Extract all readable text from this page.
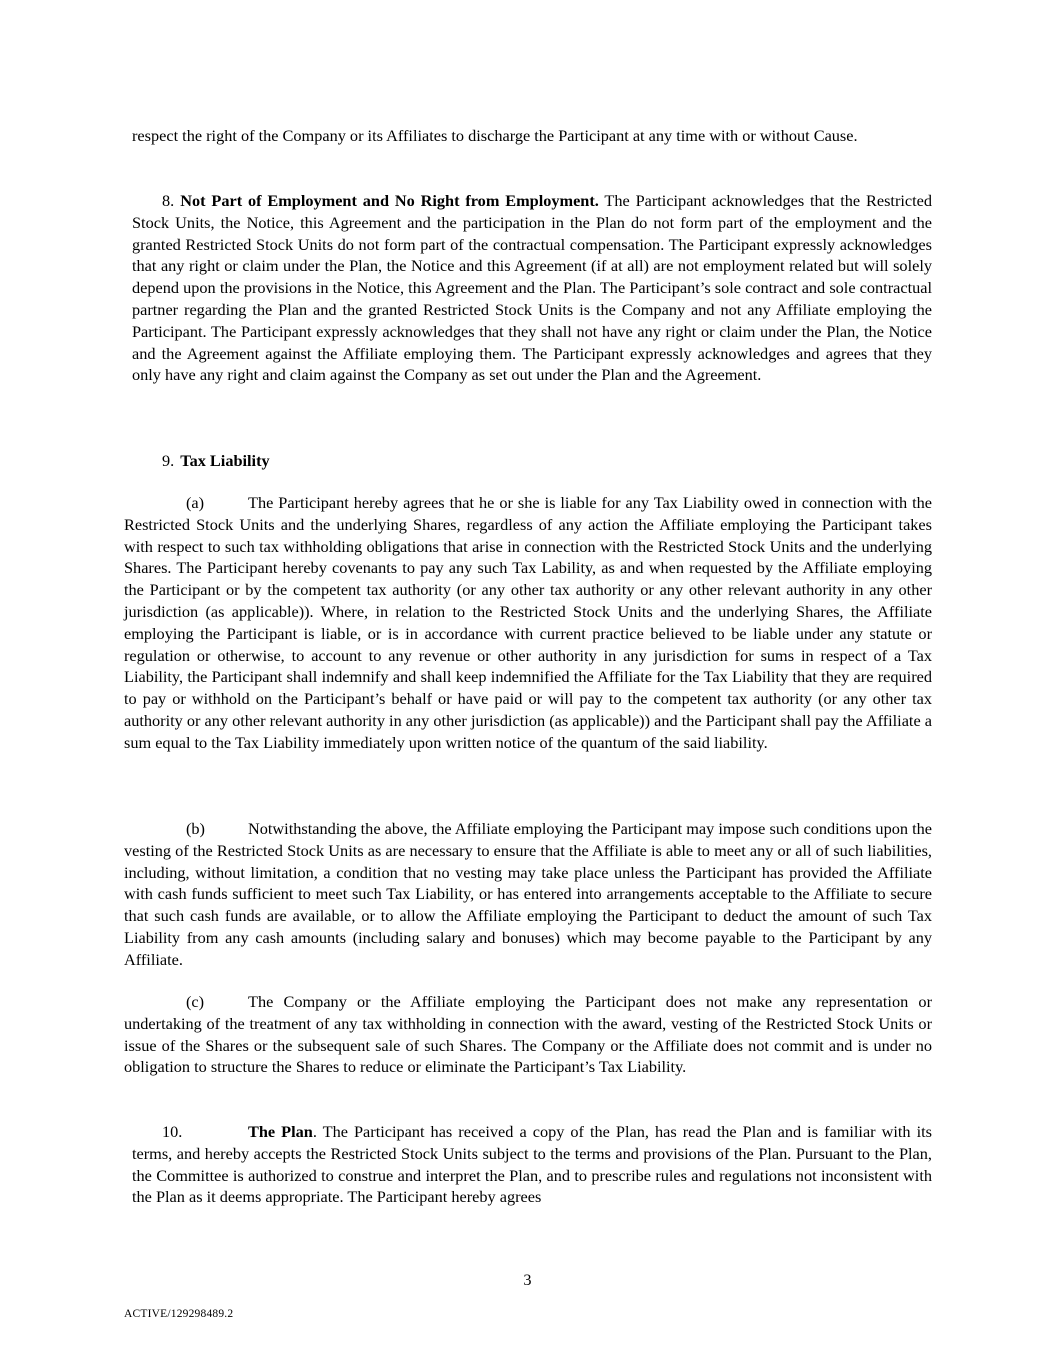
respect the right of the Company or its Affiliates to discharge the Participant at any time with or without Cause.

8. Not Part of Employment and No Right from Employment. The Participant acknowledges that the Restricted Stock Units, the Notice, this Agreement and the participation in the Plan do not form part of the employment and the granted Restricted Stock Units do not form part of the contractual compensation. The Participant expressly acknowledges that any right or claim under the Plan, the Notice and this Agreement (if at all) are not employment related but will solely depend upon the provisions in the Notice, this Agreement and the Plan. The Participant’s sole contract and sole contractual partner regarding the Plan and the granted Restricted Stock Units is the Company and not any Affiliate employing the Participant. The Participant expressly acknowledges that they shall not have any right or claim under the Plan, the Notice and the Agreement against the Affiliate employing them. The Participant expressly acknowledges and agrees that they only have any right and claim against the Company as set out under the Plan and the Agreement.

9. Tax Liability

(a)	The Participant hereby agrees that he or she is liable for any Tax Liability owed in connection with the Restricted Stock Units and the underlying Shares, regardless of any action the Affiliate employing the Participant takes with respect to such tax withholding obligations that arise in connection with the Restricted Stock Units and the underlying Shares. The Participant hereby covenants to pay any such Tax Lability, as and when requested by the Affiliate employing the Participant or by the competent tax authority (or any other tax authority or any other relevant authority in any other jurisdiction (as applicable)). Where, in relation to the Restricted Stock Units and the underlying Shares, the Affiliate employing the Participant is liable, or is in accordance with current practice believed to be liable under any statute or regulation or otherwise, to account to any revenue or other authority in any jurisdiction for sums in respect of a Tax Liability, the Participant shall indemnify and shall keep indemnified the Affiliate for the Tax Liability that they are required to pay or withhold on the Participant’s behalf or have paid or will pay to the competent tax authority (or any other tax authority or any other relevant authority in any other jurisdiction (as applicable)) and the Participant shall pay the Affiliate a sum equal to the Tax Liability immediately upon written notice of the quantum of the said liability.

(b)	Notwithstanding the above, the Affiliate employing the Participant may impose such conditions upon the vesting of the Restricted Stock Units as are necessary to ensure that the Affiliate is able to meet any or all of such liabilities, including, without limitation, a condition that no vesting may take place unless the Participant has provided the Affiliate with cash funds sufficient to meet such Tax Liability, or has entered into arrangements acceptable to the Affiliate to secure that such cash funds are available, or to allow the Affiliate employing the Participant to deduct the amount of such Tax Liability from any cash amounts (including salary and bonuses) which may become payable to the Participant by any Affiliate.

(c)	The Company or the Affiliate employing the Participant does not make any representation or undertaking of the treatment of any tax withholding in connection with the award, vesting of the Restricted Stock Units or issue of the Shares or the subsequent sale of such Shares. The Company or the Affiliate does not commit and is under no obligation to structure the Shares to reduce or eliminate the Participant’s Tax Liability.

10.	The Plan. The Participant has received a copy of the Plan, has read the Plan and is familiar with its terms, and hereby accepts the Restricted Stock Units subject to the terms and provisions of the Plan. Pursuant to the Plan, the Committee is authorized to construe and interpret the Plan, and to prescribe rules and regulations not inconsistent with the Plan as it deems appropriate. The Participant hereby agrees

3
ACTIVE/129298489.2
